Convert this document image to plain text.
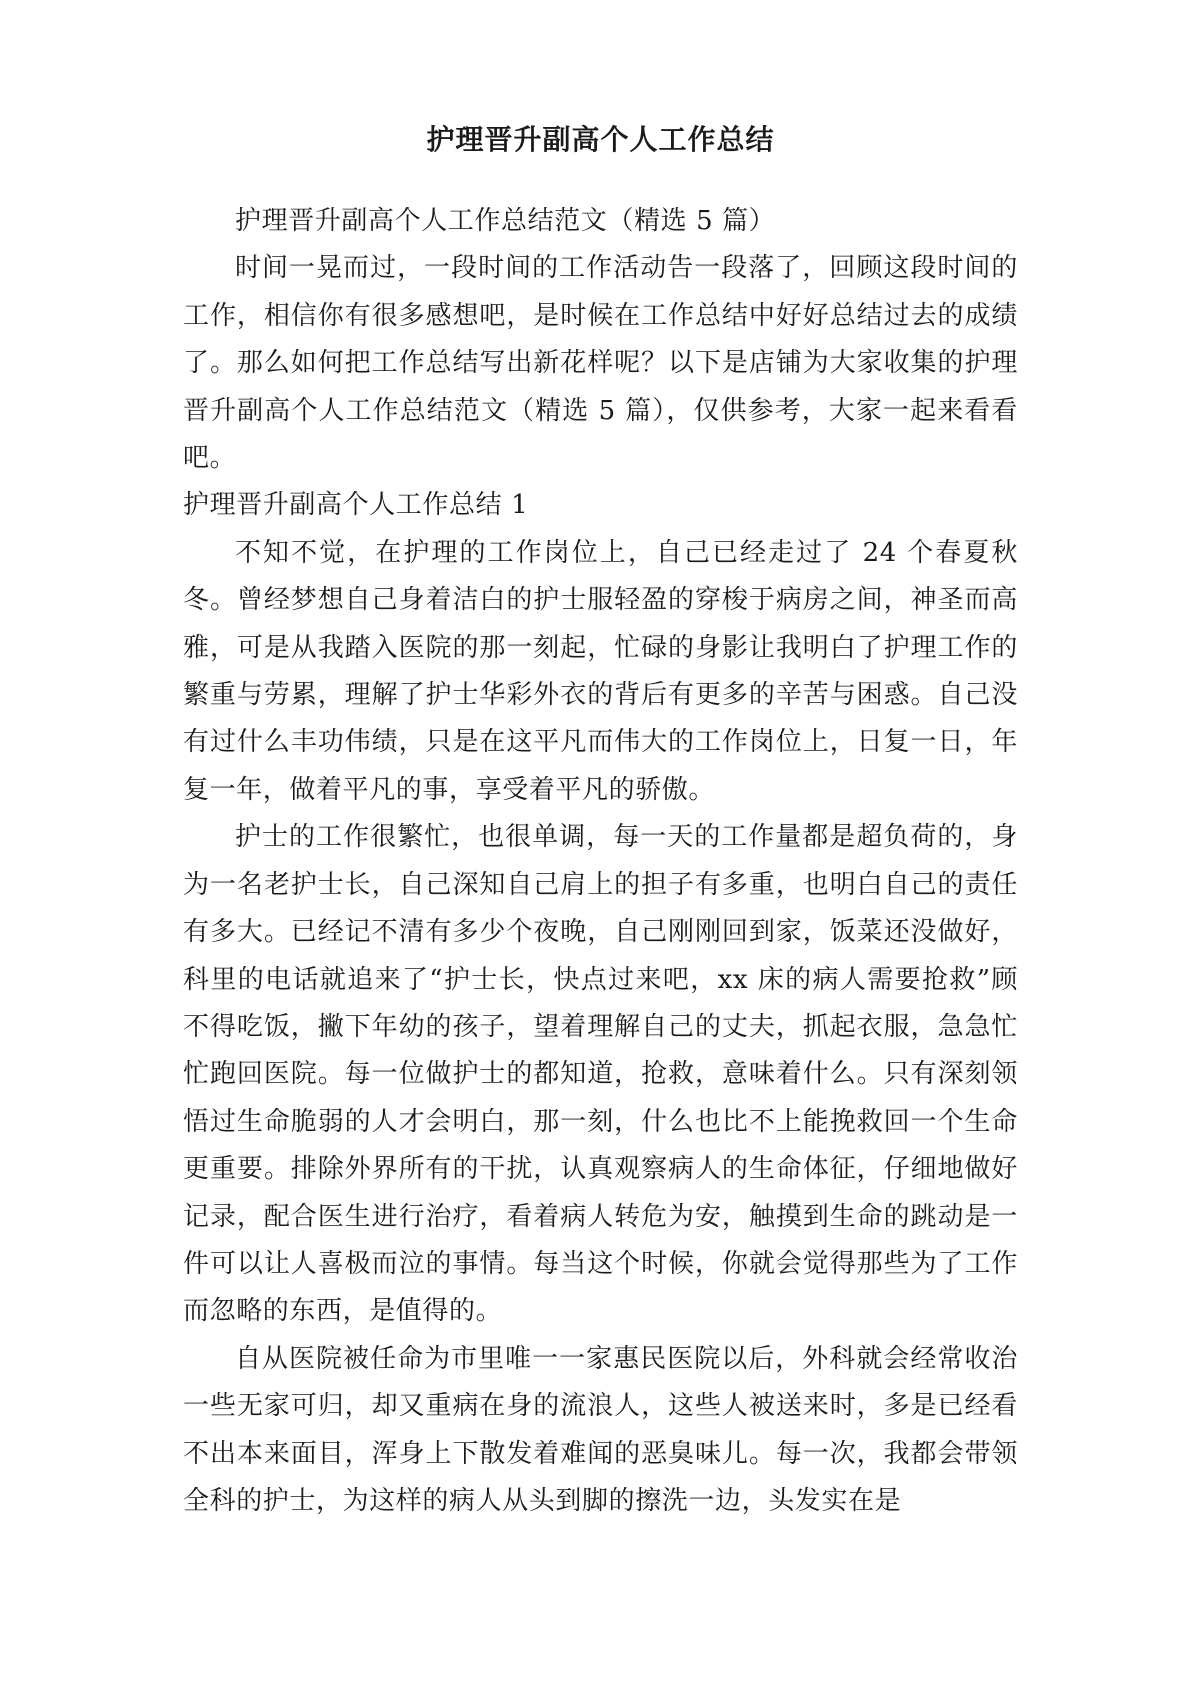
护理晋升副高个人工作总结

护理晋升副高个人工作总结范文（精选 5 篇）

时间一晃而过，一段时间的工作活动告一段落了，回顾这段时间的工作，相信你有很多感想吧，是时候在工作总结中好好总结过去的成绩了。那么如何把工作总结写出新花样呢？以下是店铺为大家收集的护理晋升副高个人工作总结范文（精选 5 篇），仅供参考，大家一起来看看吧。

护理晋升副高个人工作总结 1

不知不觉，在护理的工作岗位上，自己已经走过了 24 个春夏秋冬。曾经梦想自己身着洁白的护士服轻盈的穿梭于病房之间，神圣而高雅，可是从我踏入医院的那一刻起，忙碌的身影让我明白了护理工作的繁重与劳累，理解了护士华彩外衣的背后有更多的辛苦与困惑。自己没有过什么丰功伟绩，只是在这平凡而伟大的工作岗位上，日复一日，年复一年，做着平凡的事，享受着平凡的骄傲。

护士的工作很繁忙，也很单调，每一天的工作量都是超负荷的，身为一名老护士长，自己深知自己肩上的担子有多重，也明白自己的责任有多大。已经记不清有多少个夜晚，自己刚刚回到家，饭菜还没做好，科里的电话就追来了“护士长，快点过来吧，xx 床的病人需要抢救”顾不得吃饭，撇下年幼的孩子，望着理解自己的丈夫，抓起衣服，急急忙忙跑回医院。每一位做护士的都知道，抢救，意味着什么。只有深刻领悟过生命脆弱的人才会明白，那一刻，什么也比不上能挽救回一个生命更重要。排除外界所有的干扰，认真观察病人的生命体征，仔细地做好记录，配合医生进行治疗，看着病人转危为安，触摸到生命的跳动是一件可以让人喜极而泣的事情。每当这个时候，你就会觉得那些为了工作而忽略的东西，是值得的。

自从医院被任命为市里唯一一家惠民医院以后，外科就会经常收治一些无家可归，却又重病在身的流浪人，这些人被送来时，多是已经看不出本来面目，浑身上下散发着难闻的恶臭味儿。每一次，我都会带领全科的护士，为这样的病人从头到脚的擦洗一边，头发实在是
